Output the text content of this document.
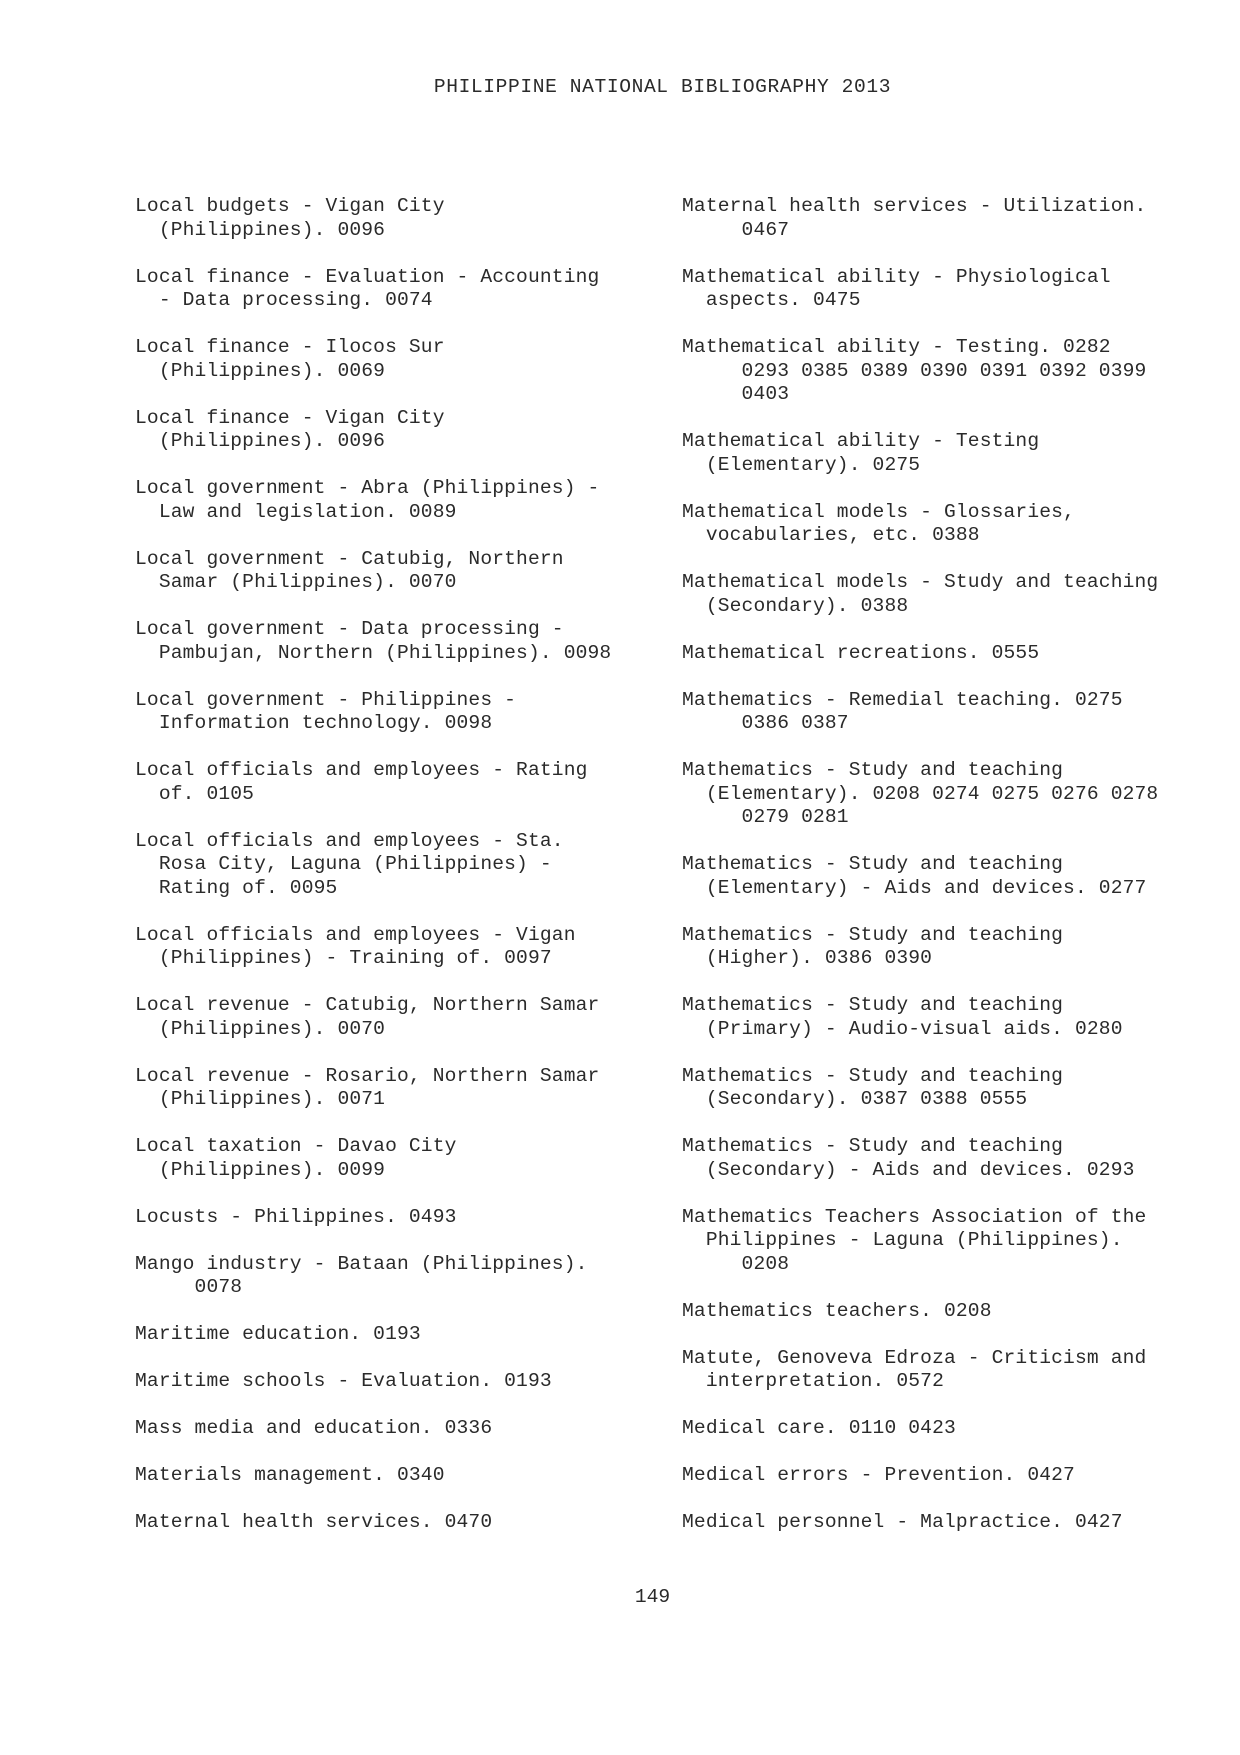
PHILIPPINE NATIONAL BIBLIOGRAPHY 2013
Local budgets - Vigan City
(Philippines). 0096
Local finance - Evaluation - Accounting
- Data processing. 0074
Local finance - Ilocos Sur
(Philippines). 0069
Local finance - Vigan City
(Philippines). 0096
Local government - Abra (Philippines) -
Law and legislation. 0089
Local government - Catubig, Northern
Samar (Philippines). 0070
Local government - Data processing -
Pambujan, Northern (Philippines). 0098
Local government - Philippines -
Information technology. 0098
Local officials and employees - Rating
of. 0105
Local officials and employees - Sta.
Rosa City, Laguna (Philippines) -
Rating of. 0095
Local officials and employees - Vigan
(Philippines) - Training of. 0097
Local revenue - Catubig, Northern Samar
(Philippines). 0070
Local revenue - Rosario, Northern Samar
(Philippines). 0071
Local taxation - Davao City
(Philippines). 0099
Locusts - Philippines. 0493
Mango industry - Bataan (Philippines).
0078
Maritime education. 0193
Maritime schools - Evaluation. 0193
Mass media and education. 0336
Materials management. 0340
Maternal health services. 0470
Maternal health services - Utilization.
0467
Mathematical ability - Physiological
aspects. 0475
Mathematical ability - Testing. 0282
0293 0385 0389 0390 0391 0392 0399
0403
Mathematical ability - Testing
(Elementary). 0275
Mathematical models - Glossaries,
vocabularies, etc. 0388
Mathematical models - Study and teaching
(Secondary). 0388
Mathematical recreations. 0555
Mathematics - Remedial teaching. 0275
0386 0387
Mathematics - Study and teaching
(Elementary). 0208 0274 0275 0276 0278
0279 0281
Mathematics - Study and teaching
(Elementary) - Aids and devices. 0277
Mathematics - Study and teaching
(Higher). 0386 0390
Mathematics - Study and teaching
(Primary) - Audio-visual aids. 0280
Mathematics - Study and teaching
(Secondary). 0387 0388 0555
Mathematics - Study and teaching
(Secondary) - Aids and devices. 0293
Mathematics Teachers Association of the
Philippines - Laguna (Philippines).
0208
Mathematics teachers. 0208
Matute, Genoveva Edroza - Criticism and
interpretation. 0572
Medical care. 0110 0423
Medical errors - Prevention. 0427
Medical personnel - Malpractice. 0427
149
